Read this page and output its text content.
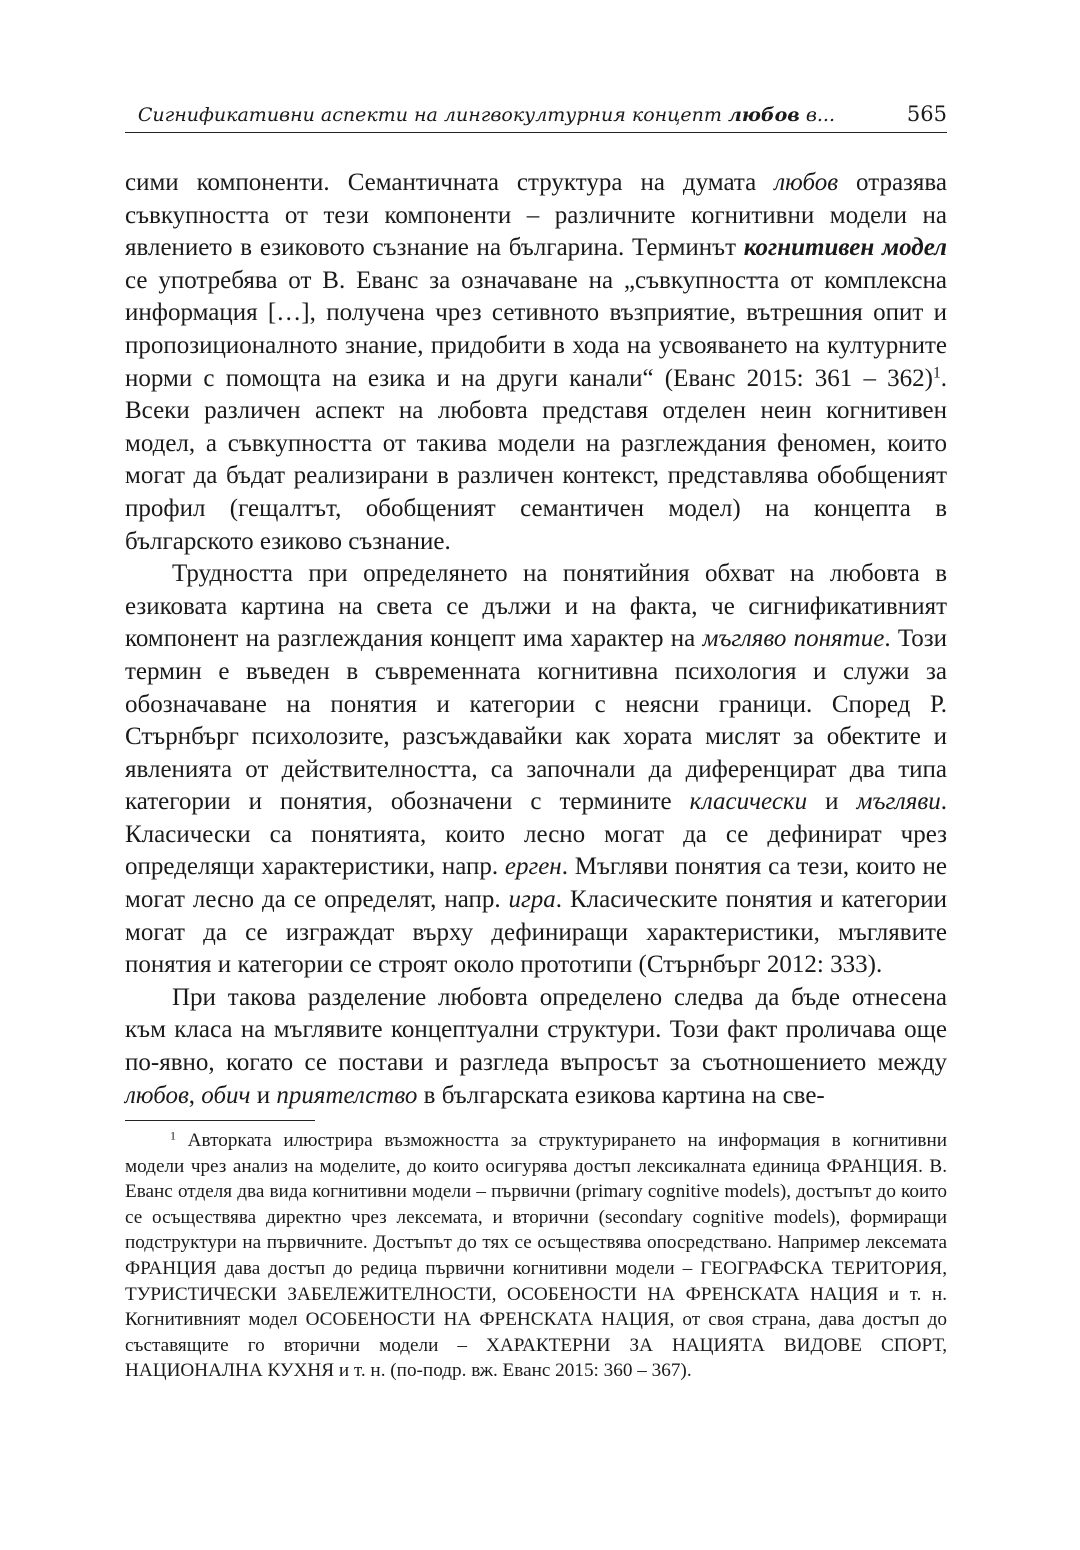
Сигнификативни аспекти на лингвокултурния концепт любов в...	565

сими компоненти. Семантичната структура на думата любов отразява съвкупността от тези компоненти – различните когнитивни модели на явлението в езиковото съзнание на българина. Терминът когнитивен модел се употребява от В. Еванс за означаване на „съвкупността от комплексна информация […], получена чрез сетивното възприятие, вътрешния опит и пропозиционалното знание, придобити в хода на усвояването на културните норми с помощта на езика и на други канали“ (Еванс 2015: 361 – 362)$^1$. Всеки различен аспект на любовта представя отделен неин когнитивен модел, а съвкупността от такива модели на разглеждания феномен, които могат да бъдат реализирани в различен контекст, представлява обобщеният профил (гещалтът, обобщеният семантичен модел) на концепта в българското езиково съзнание.

Трудността при определянето на понятийния обхват на любовта в езиковата картина на света се дължи и на факта, че сигнификативният компонент на разглеждания концепт има характер на мъгляво понятие. Този термин е въведен в съвременната когнитивна психология и служи за обозначаване на понятия и категории с неясни граници. Според Р. Стърнбърг психолозите, разсъждавайки как хората мислят за обектите и явленията от действителността, са започнали да диференцират два типа категории и понятия, обозначени с термините класически и мъгляви. Класически са понятията, които лесно могат да се дефинират чрез определящи характеристики, напр. ерген. Мъгляви понятия са тези, които не могат лесно да се определят, напр. игра. Класическите понятия и категории могат да се изграждат върху дефиниращи характеристики, мъглявите понятия и категории се строят около прототипи (Стърнбърг 2012: 333).

При такова разделение любовта определено следва да бъде отнесена към класа на мъглявите концептуални структури. Този факт проличава още по-явно, когато се постави и разгледа въпросът за съотношението между любов, обич и приятелство в българската езикова картина на све-

$^1$ Авторката илюстрира възможността за структурирането на информация в когнитивни модели чрез анализ на моделите, до които осигурява достъп лексикалната единица ФРАНЦИЯ. В. Еванс отделя два вида когнитивни модели – първични (primary cognitive models), достъпът до които се осъществява директно чрез лексемата, и вторични (secondary cognitive models), формиращи подструктури на първичните. Достъпът до тях се осъществява опосредствано. Например лексемата ФРАНЦИЯ дава достъп до редица първични когнитивни модели – ГЕОГРАФСКА ТЕРИТОРИЯ, ТУРИСТИЧЕСКИ ЗАБЕЛЕЖИТЕЛНОСТИ, ОСОБЕНОСТИ НА ФРЕНСКАТА НАЦИЯ и т. н. Когнитивният модел ОСОБЕНОСТИ НА ФРЕНСКАТА НАЦИЯ, от своя страна, дава достъп до съставящите го вторични модели – ХАРАКТЕРНИ ЗА НАЦИЯТА ВИДОВЕ СПОРТ, НАЦИОНАЛНА КУХНЯ и т. н. (по-подр. вж. Еванс 2015: 360 – 367).
